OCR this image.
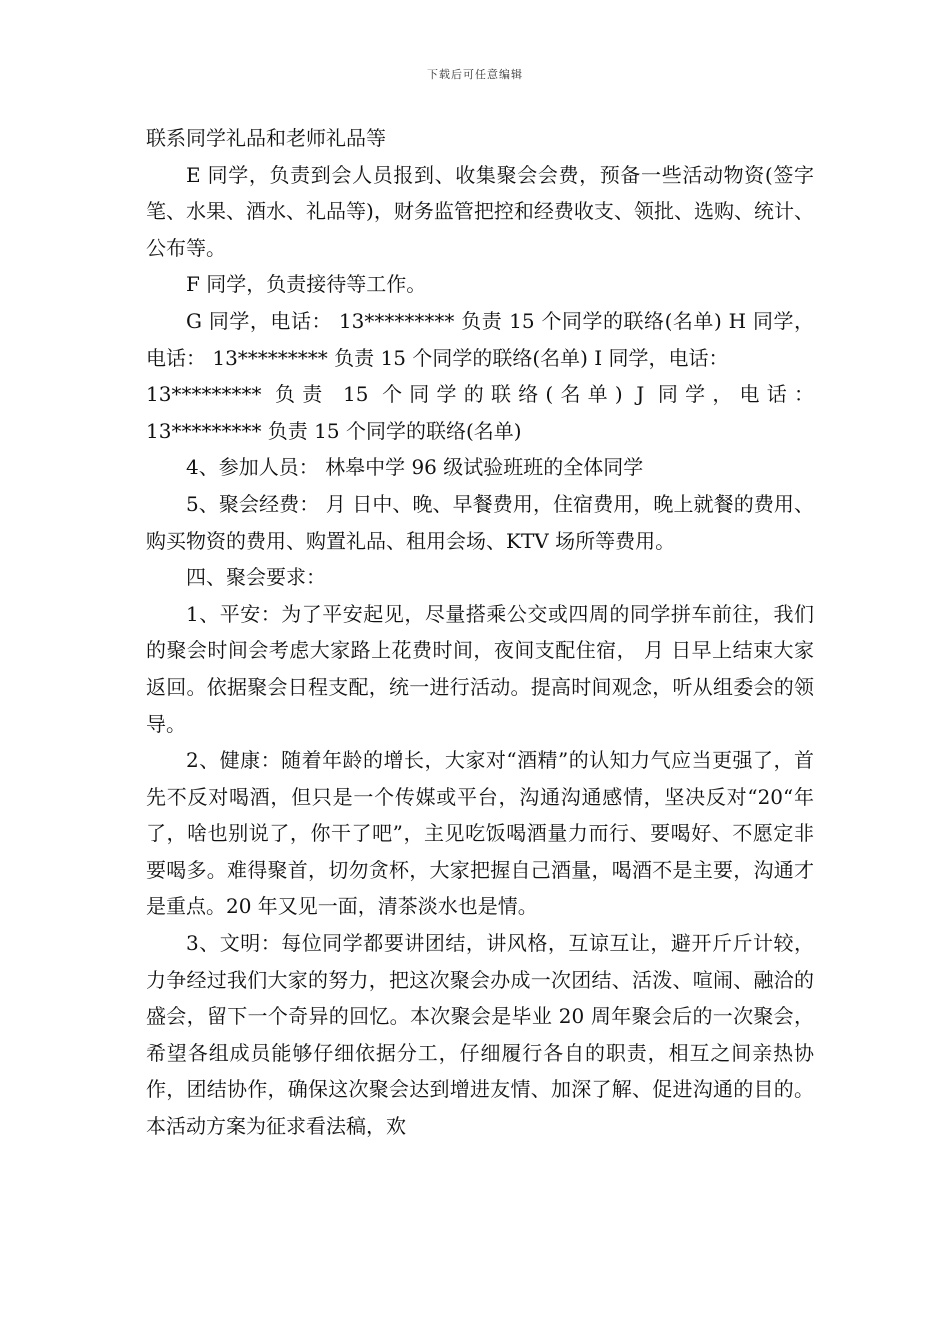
下载后可任意编辑

联系同学礼品和老师礼品等

E 同学，负责到会人员报到、收集聚会会费，预备一些活动物资(签字笔、水果、酒水、礼品等)，财务监管把控和经费收支、领批、选购、统计、公布等。

F 同学，负责接待等工作。

G 同学，电话： 13********* 负责 15 个同学的联络(名单) H 同学，电话： 13********* 负责 15 个同学的联络(名单) I 同学，电话：

13********* 负责 15 个同学的联络(名单) J 同学，电话：

13********* 负责 15 个同学的联络(名单)

4、参加人员： 林皋中学 96 级试验班班的全体同学

5、聚会经费： 月 日中、晚、早餐费用，住宿费用，晚上就餐的费用、购买物资的费用、购置礼品、租用会场、KTV 场所等费用。

四、聚会要求：

1、平安：为了平安起见，尽量搭乘公交或四周的同学拼车前往，我们的聚会时间会考虑大家路上花费时间，夜间支配住宿， 月 日早上结束大家返回。依据聚会日程支配，统一进行活动。提高时间观念，听从组委会的领导。

2、健康：随着年龄的增长，大家对“酒精”的认知力气应当更强了，首先不反对喝酒，但只是一个传媒或平台，沟通沟通感情，坚决反对“20“年了，啥也别说了，你干了吧”，主见吃饭喝酒量力而行、要喝好、不愿定非要喝多。难得聚首，切勿贪杯，大家把握自己酒量，喝酒不是主要，沟通才是重点。20 年又见一面，清茶淡水也是情。

3、文明：每位同学都要讲团结，讲风格，互谅互让，避开斤斤计较，力争经过我们大家的努力，把这次聚会办成一次团结、活泼、喧闹、融洽的盛会，留下一个奇异的回忆。本次聚会是毕业 20 周年聚会后的一次聚会，希望各组成员能够仔细依据分工，仔细履行各自的职责，相互之间亲热协作，团结协作，确保这次聚会达到增进友情、加深了解、促进沟通的目的。本活动方案为征求看法稿，欢
